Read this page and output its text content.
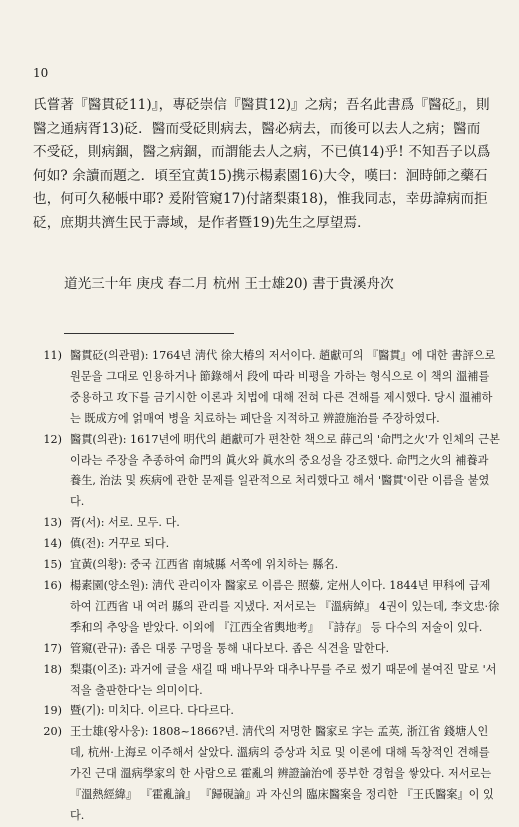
10

氏嘗著『醫貫砭11)』，專砭崇信『醫貫12)』之病；吾名此書爲『醫砭』，則醫之通病胥13)砭．醫而受砭則病去，醫必病去，而後可以去人之病；醫而不受砭，則病錮，醫之病錮，而謂能去人之病，不已傎14)乎! 不知吾子以爲何如? 余讀而題之．頃至宜黃15)携示楊素園16)大令，嘆曰：洄時師之藥石也，何可久秘帳中耶? 爰附管窺17)付諸梨棗18)，惟我同志，幸毋諱病而拒砭，庶期共濟生民于壽域，是作者暨19)先生之厚望焉．

道光三十年 庚戌 春二月 杭州 王士雄20) 書于貴溪舟次

11) 醫貫砭(의관폄): 1764년 淸代 徐大椿의 저서이다. 趙獻可의 『醫貫』에 대한 書評으로 원문을 그대로 인용하거나 節錄해서 段에 따라 비평을 가하는 형식으로 이 책의 溫補를 중용하고 攻下를 금기시한 이론과 치법에 대해 전혀 다른 견해를 제시했다. 당시 溫補하는 既成方에 얽매여 병을 치료하는 폐단을 지적하고 辨證施治를 주장하였다.

12) 醫貫(의관): 1617년에 明代의 趙獻可가 편찬한 책으로 薛己의 '命門之火'가 인체의 근본이라는 주장을 추종하여 命門의 眞火와 眞水의 중요성을 강조했다. 命門之火의 補養과 養生, 治法 및 疾病에 관한 문제를 일관적으로 처리했다고 해서 '醫貫'이란 이름을 붙였다.

13) 胥(서): 서로. 모두. 다.

14) 傎(전): 거꾸로 되다.

15) 宜黃(의황): 중국 江西省 南城縣 서쪽에 위치하는 縣名.

16) 楊素園(양소원): 淸代 관리이자 醫家로 이름은 照藜, 定州人이다. 1844년 甲科에 급제하여 江西省 내 여러 縣의 관리를 지냈다. 저서로는 『溫病綽』 4권이 있는데, 李文忠·徐季和의 추앙을 받았다. 이외에 『江西全省輿地考』 『詩存』 등 다수의 저술이 있다.

17) 管窺(관규): 좁은 대롱 구멍을 통해 내다보다. 좁은 식견을 말한다.

18) 梨棗(이조): 과거에 글을 새길 때 배나무와 대추나무를 주로 썼기 때문에 붙여진 말로 '서적을 출판한다'는 의미이다.

19) 暨(기): 미치다. 이르다. 다다르다.

20) 王士雄(왕사웅): 1808~1866?년. 淸代의 저명한 醫家로 字는 孟英, 浙江省 錢塘人인데, 杭州·上海로 이주해서 살았다. 溫病의 증상과 치료 및 이론에 대해 독창적인 견해를 가진 근대 溫病學家의 한 사람으로 霍亂의 辨證論治에 풍부한 경험을 쌓았다. 저서로는 『溫熱經緯』 『霍亂論』 『歸硯論』과 자신의 臨床醫案을 정리한 『王氏醫案』이 있다.
